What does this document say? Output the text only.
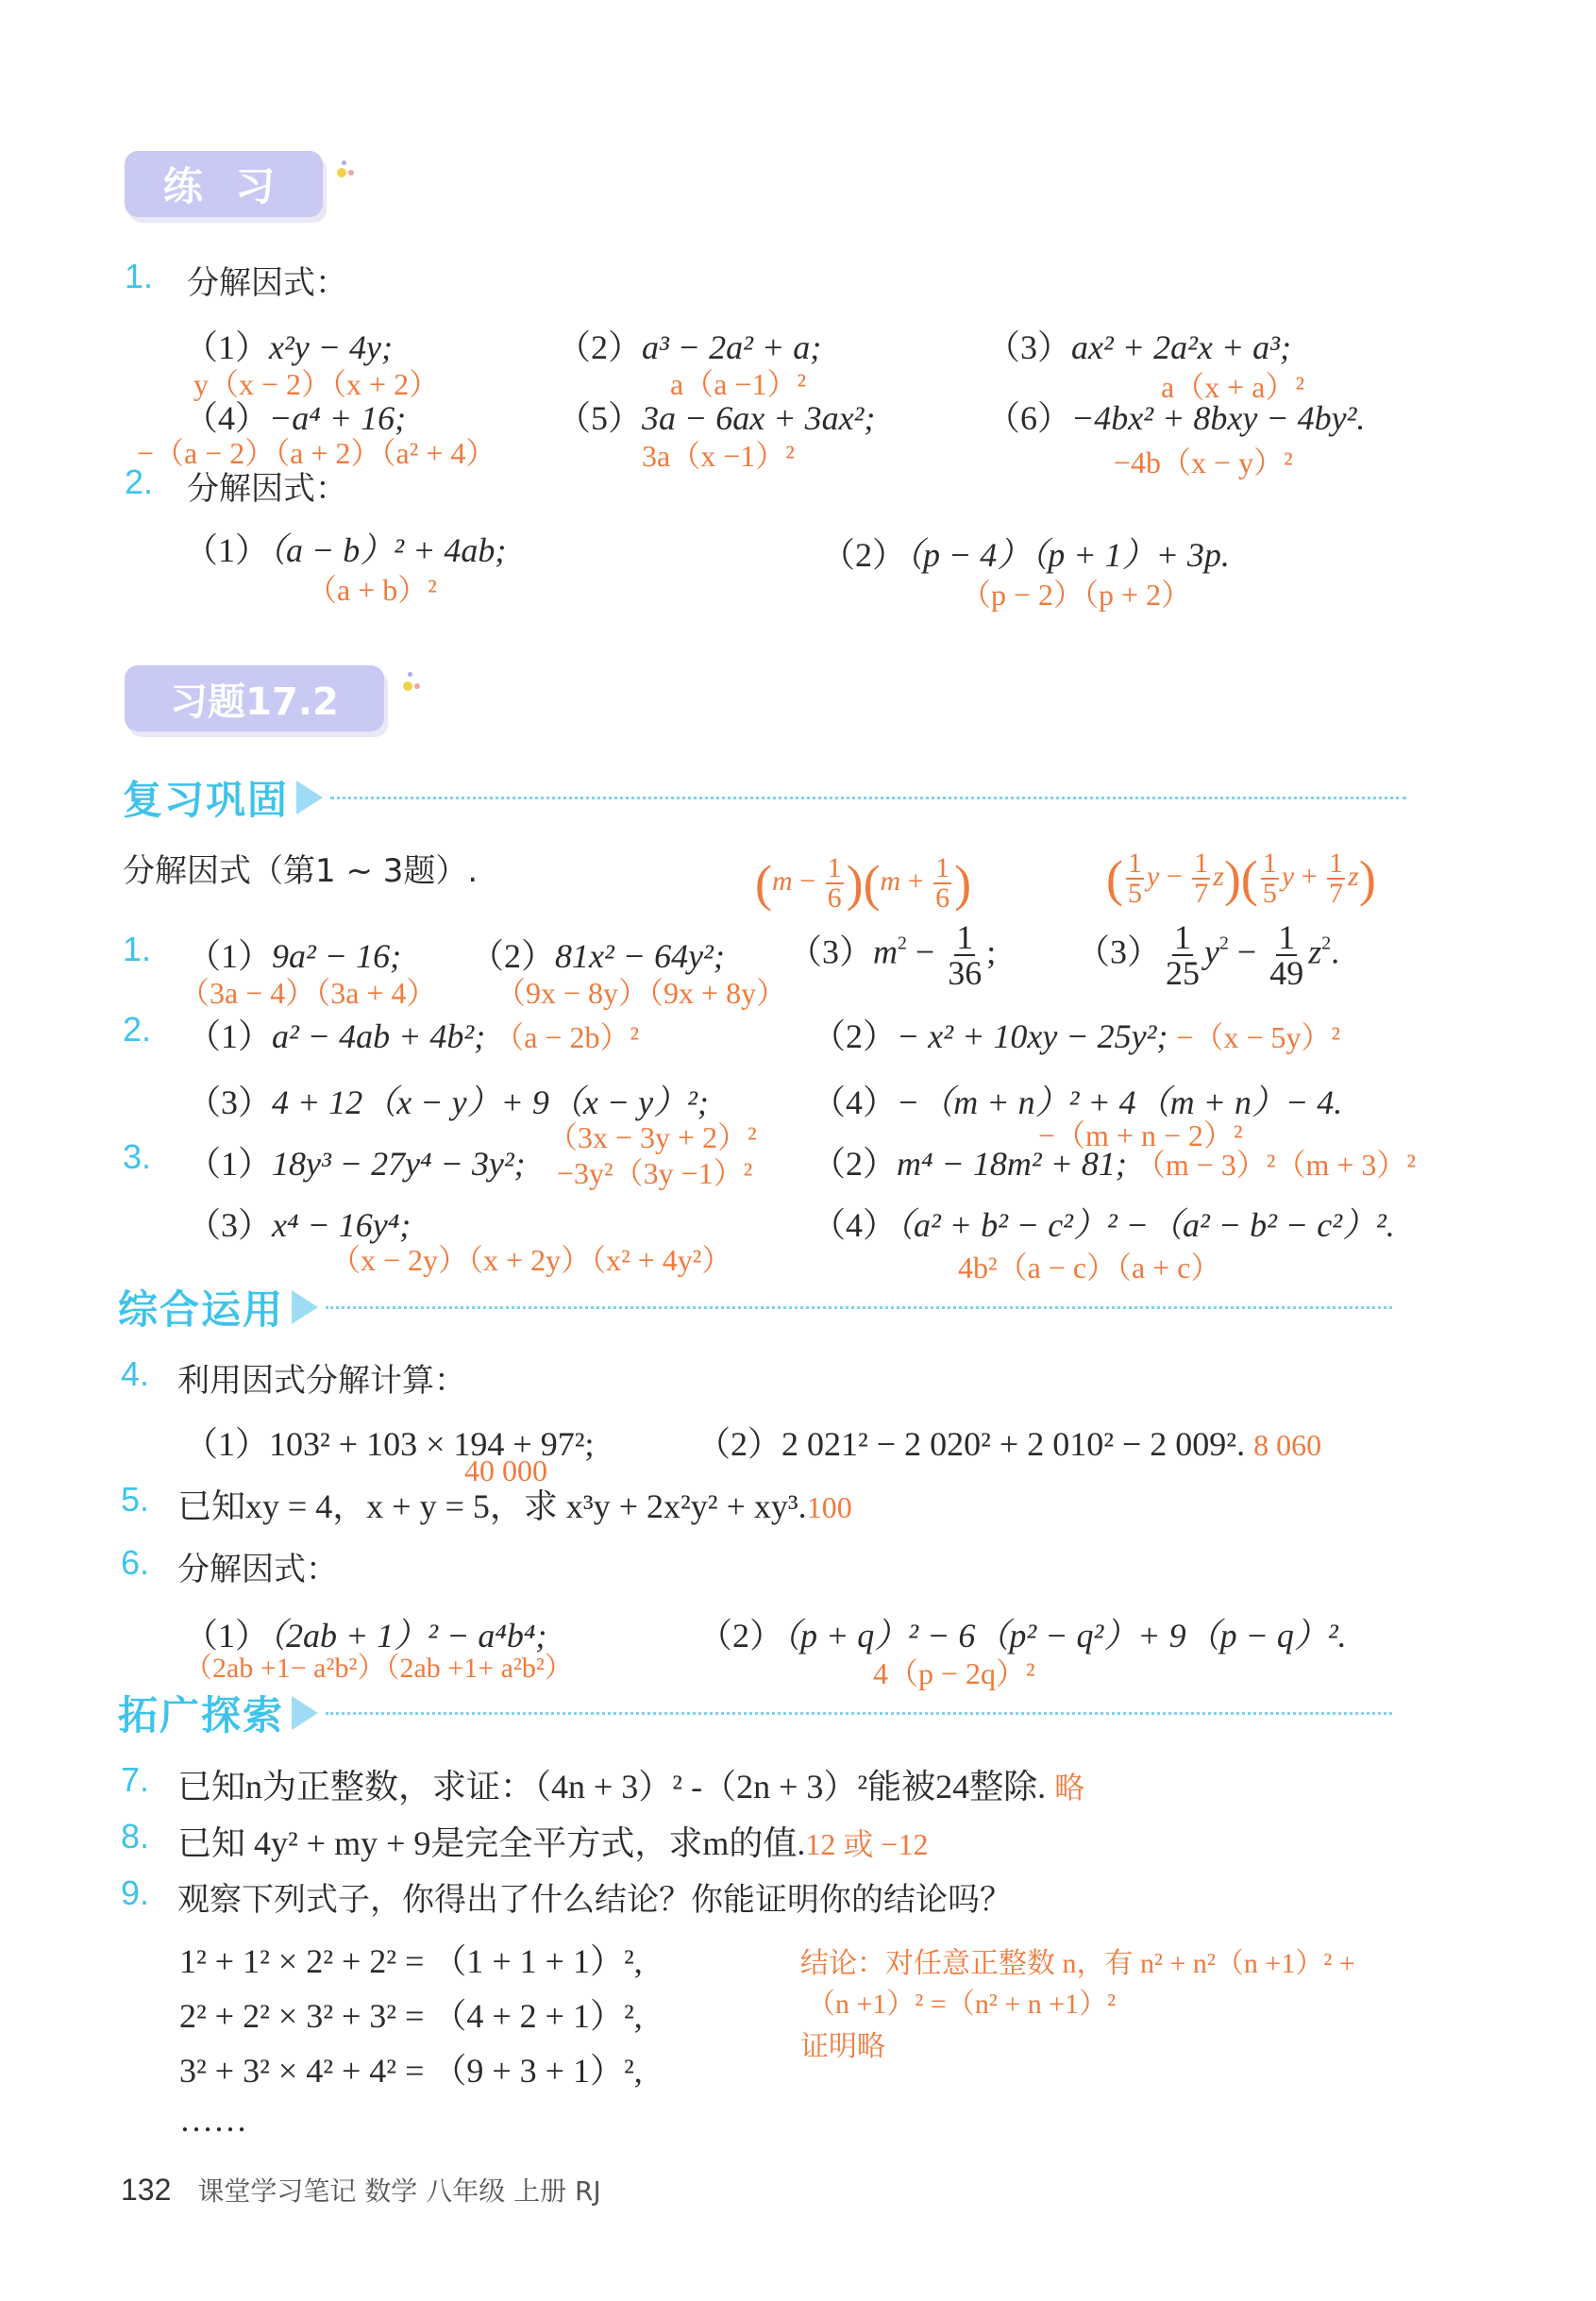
练 习
1. 分解因式：
（1）x²y − 4y;
y（x − 2）（x + 2）
（2）a³ − 2a² + a;
a（a −1）²
（3）ax² + 2a²x + a³;
a（x + a）²
（4）−a⁴ + 16;
−（a − 2）（a + 2）（a² + 4）
（5）3a − 6ax + 3ax²;
3a（x −1）²
（6）−4bx² + 8bxy − 4by².
−4b（x − y）²
2. 分解因式：
（1）（a − b）² + 4ab;
（a + b）²
（2）（p − 4）（p + 1）+ 3p.
（p − 2）（p + 2）
习题17.2
复习巩固
分解因式（第1 ~ 3题）.	$(m - \frac{1}{6} )(m + \frac{1}{6}$ )	( $\frac{1}{5}$ $y - \frac{1}{7} z)( \frac{1}{5}$ $y + \frac{1}{7} z$)
1. （1）9a² − 16;
（3a − 4）（3a + 4）
（2）81x² − 64y²;
（9x − 8y）（9x + 8y）
$(3)m^2 - \frac{1}{36}$ ; $(3) \frac{1}{25} y^2 - \frac{1}{49} z^2$.
2. （1）a² − 4ab + 4b²; （a − 2b）²	（2）− x² + 10xy − 25y²; −（x − 5y）²
（3）4 + 12（x − y）+ 9（x − y）²;
（3x − 3y + 2）²
（4）−（m + n）² + 4（m + n）− 4.
−（m + n − 2）²
3. （1）18y³ − 27y⁴ − 3y²; −3y²（3y −1）² （2）m⁴ − 18m² + 81; （m − 3）²（m + 3）²
（3）x⁴ − 16y⁴;
（x − 2y）（x + 2y）（x² + 4y²）
（4）（a² + b² − c²）² −（a² − b² − c²）².
4b²（a − c）（a + c）
综合运用
4. 利用因式分解计算：
（1）103² + 103 × 194 + 97²;
40 000
（2）2 021² − 2 020² + 2 010² − 2 009². 8 060
5. 已知xy = 4，x + y = 5，求 x³y + 2x²y² + xy³.100
6. 分解因式：
（1）（2ab + 1）² − a⁴b⁴;
（2ab +1− a²b²）（2ab +1+ a²b²）
（2）（p + q）² − 6（p² − q²）+ 9（p − q）².
4（p − 2q）²
拓广探索
7. 已知n为正整数，求证：（4n + 3）² -（2n + 3）²能被24整除. 略
8. 已知 4y² + my + 9是完全平方式，求m的值.12 或 −12
9. 观察下列式子，你得出了什么结论？你能证明你的结论吗？
1² + 1² × 2² + 2² = （1 + 1 + 1）²,
2² + 2² × 3² + 3² = （4 + 2 + 1）²,
3² + 3² × 4² + 4² = （9 + 3 + 1）²,
……
结论：对任意正整数 n，有 n² + n²（n +1）² +
（n +1）² =（n² + n +1）²
证明略
132 课堂学习笔记 数学 八年级 上册 RJ
